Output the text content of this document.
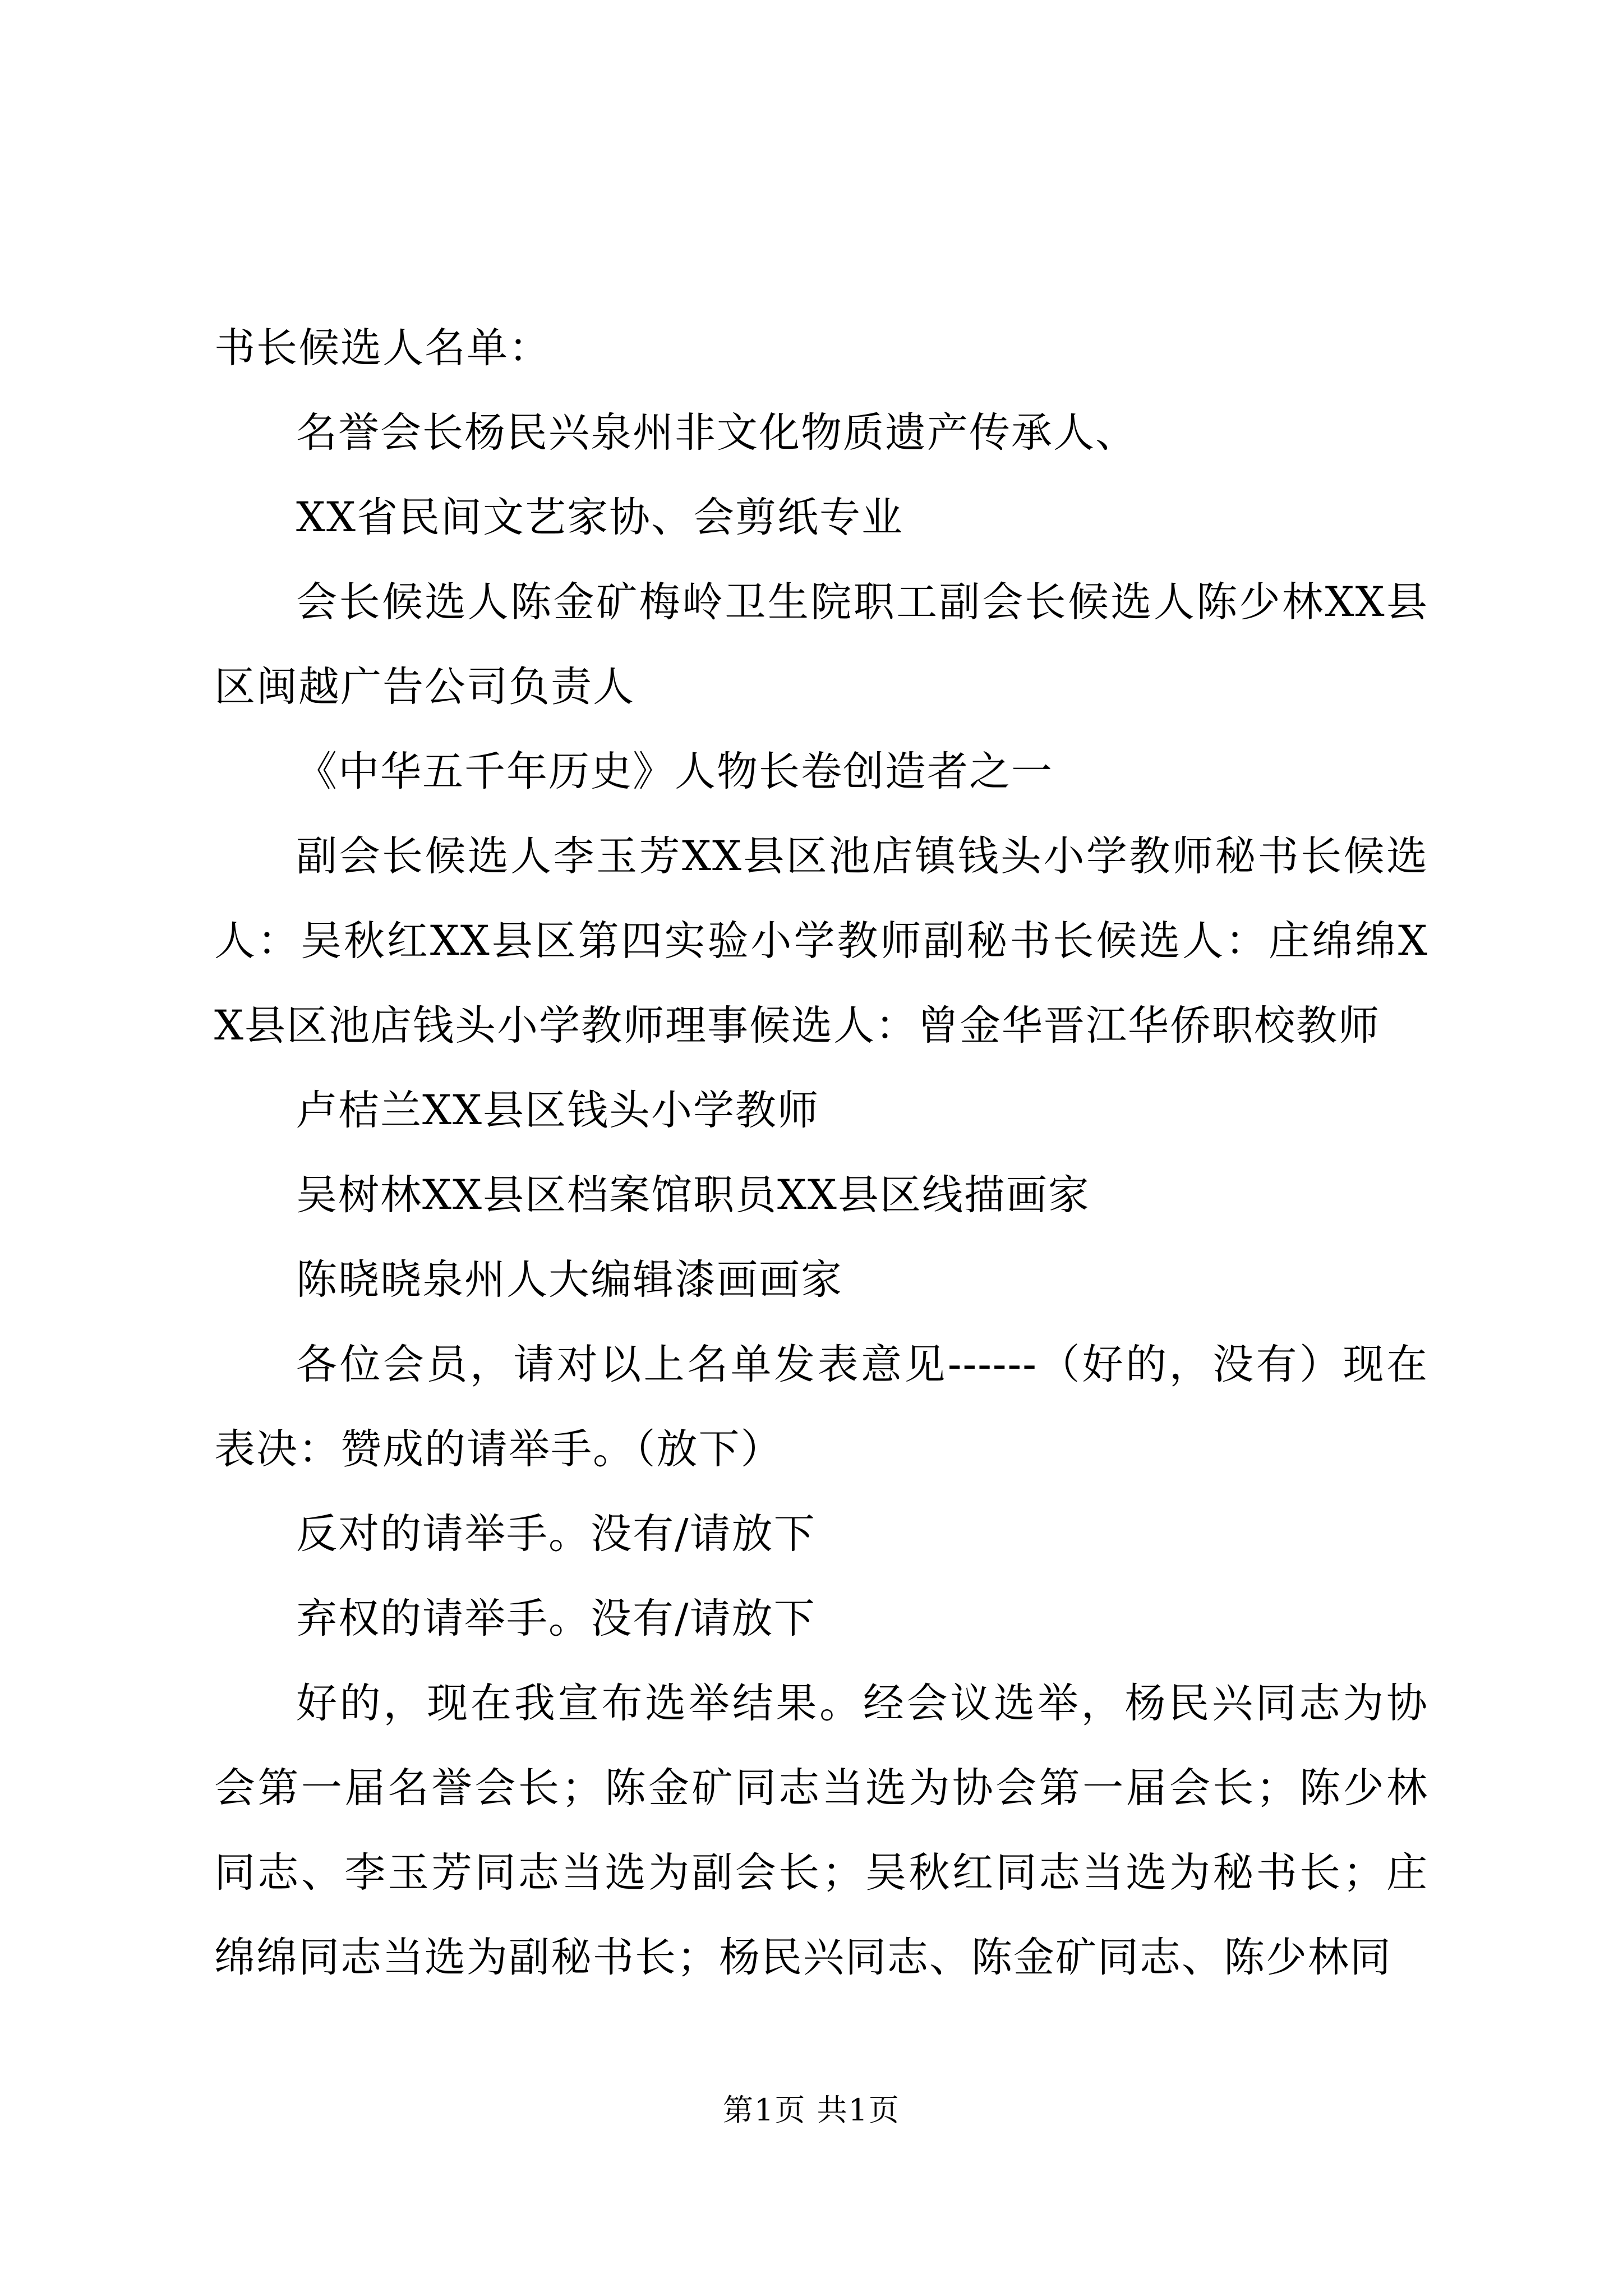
书长候选人名单：

名誉会长杨民兴泉州非文化物质遗产传承人、

XX省民间文艺家协、会剪纸专业

会长候选人陈金矿梅岭卫生院职工副会长候选人陈少林XX县区闽越广告公司负责人

《中华五千年历史》人物长卷创造者之一

副会长候选人李玉芳XX县区池店镇钱头小学教师秘书长候选人：吴秋红XX县区第四实验小学教师副秘书长候选人：庄绵绵XX县区池店钱头小学教师理事候选人：曾金华晋江华侨职校教师

卢桔兰XX县区钱头小学教师

吴树林XX县区档案馆职员XX县区线描画家

陈晓晓泉州人大编辑漆画画家

各位会员，请对以上名单发表意见------（好的，没有）现在表决：赞成的请举手。（放下）

反对的请举手。没有/请放下

弃权的请举手。没有/请放下

好的，现在我宣布选举结果。经会议选举，杨民兴同志为协会第一届名誉会长；陈金矿同志当选为协会第一届会长；陈少林同志、李玉芳同志当选为副会长；吴秋红同志当选为秘书长；庄绵绵同志当选为副秘书长；杨民兴同志、陈金矿同志、陈少林同

第1页 共1页
